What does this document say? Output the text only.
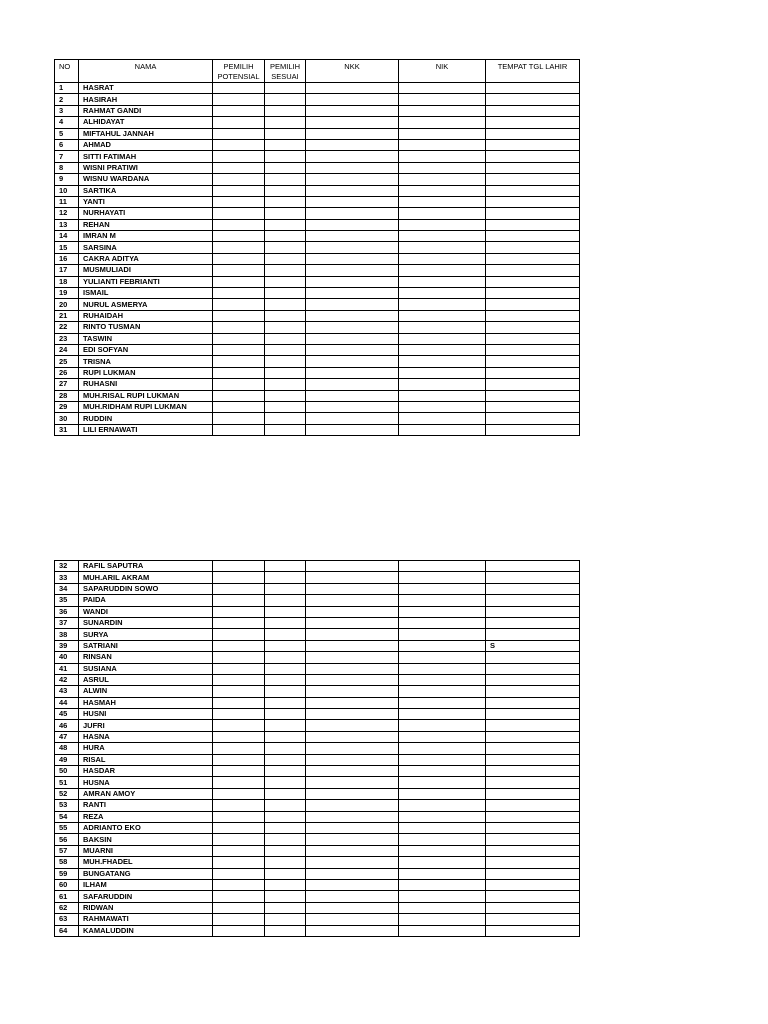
NO	NAMA	PEMILIH POTENSIAL	PEMILIH SESUAI	NKK	NIK	TEMPAT TGL LAHIR
1	HASRAT					
2	HASIRAH					
3	RAHMAT GANDI					
4	ALHIDAYAT					
5	MIFTAHUL JANNAH					
6	AHMAD					
7	SITTI FATIMAH					
8	WISNI PRATIWI					
9	WISNU WARDANA					
10	SARTIKA					
11	YANTI					
12	NURHAYATI					
13	REHAN					
14	IMRAN M					
15	SARSINA					
16	CAKRA ADITYA					
17	MUSMULIADI					
18	YULIANTI FEBRIANTI					
19	ISMAIL					
20	NURUL ASMERYA					
21	RUHAIDAH					
22	RINTO TUSMAN					
23	TASWIN					
24	EDI SOFYAN					
25	TRISNA					
26	RUPI LUKMAN					
27	RUHASNI					
28	MUH.RISAL RUPI LUKMAN					
29	MUH.RIDHAM RUPI LUKMAN					
30	RUDDIN					
31	LILI ERNAWATI					
32	RAFIL SAPUTRA					
33	MUH.ARIL AKRAM					
34	SAPARUDDIN SOWO					
35	PAIDA					
36	WANDI					
37	SUNARDIN					
38	SURYA					
39	SATRIANI					S
40	RINSAN					
41	SUSIANA					
42	ASRUL					
43	ALWIN					
44	HASMAH					
45	HUSNI					
46	JUFRI					
47	HASNA					
48	HURA					
49	RISAL					
50	HASDAR					
51	HUSNA					
52	AMRAN AMOY					
53	RANTI					
54	REZA					
55	ADRIANTO EKO					
56	BAKSIN					
57	MUARNI					
58	MUH.FHADEL					
59	BUNGATANG					
60	ILHAM					
61	SAFARUDDIN					
62	RIDWAN					
63	RAHMAWATI					
64	KAMALUDDIN					
